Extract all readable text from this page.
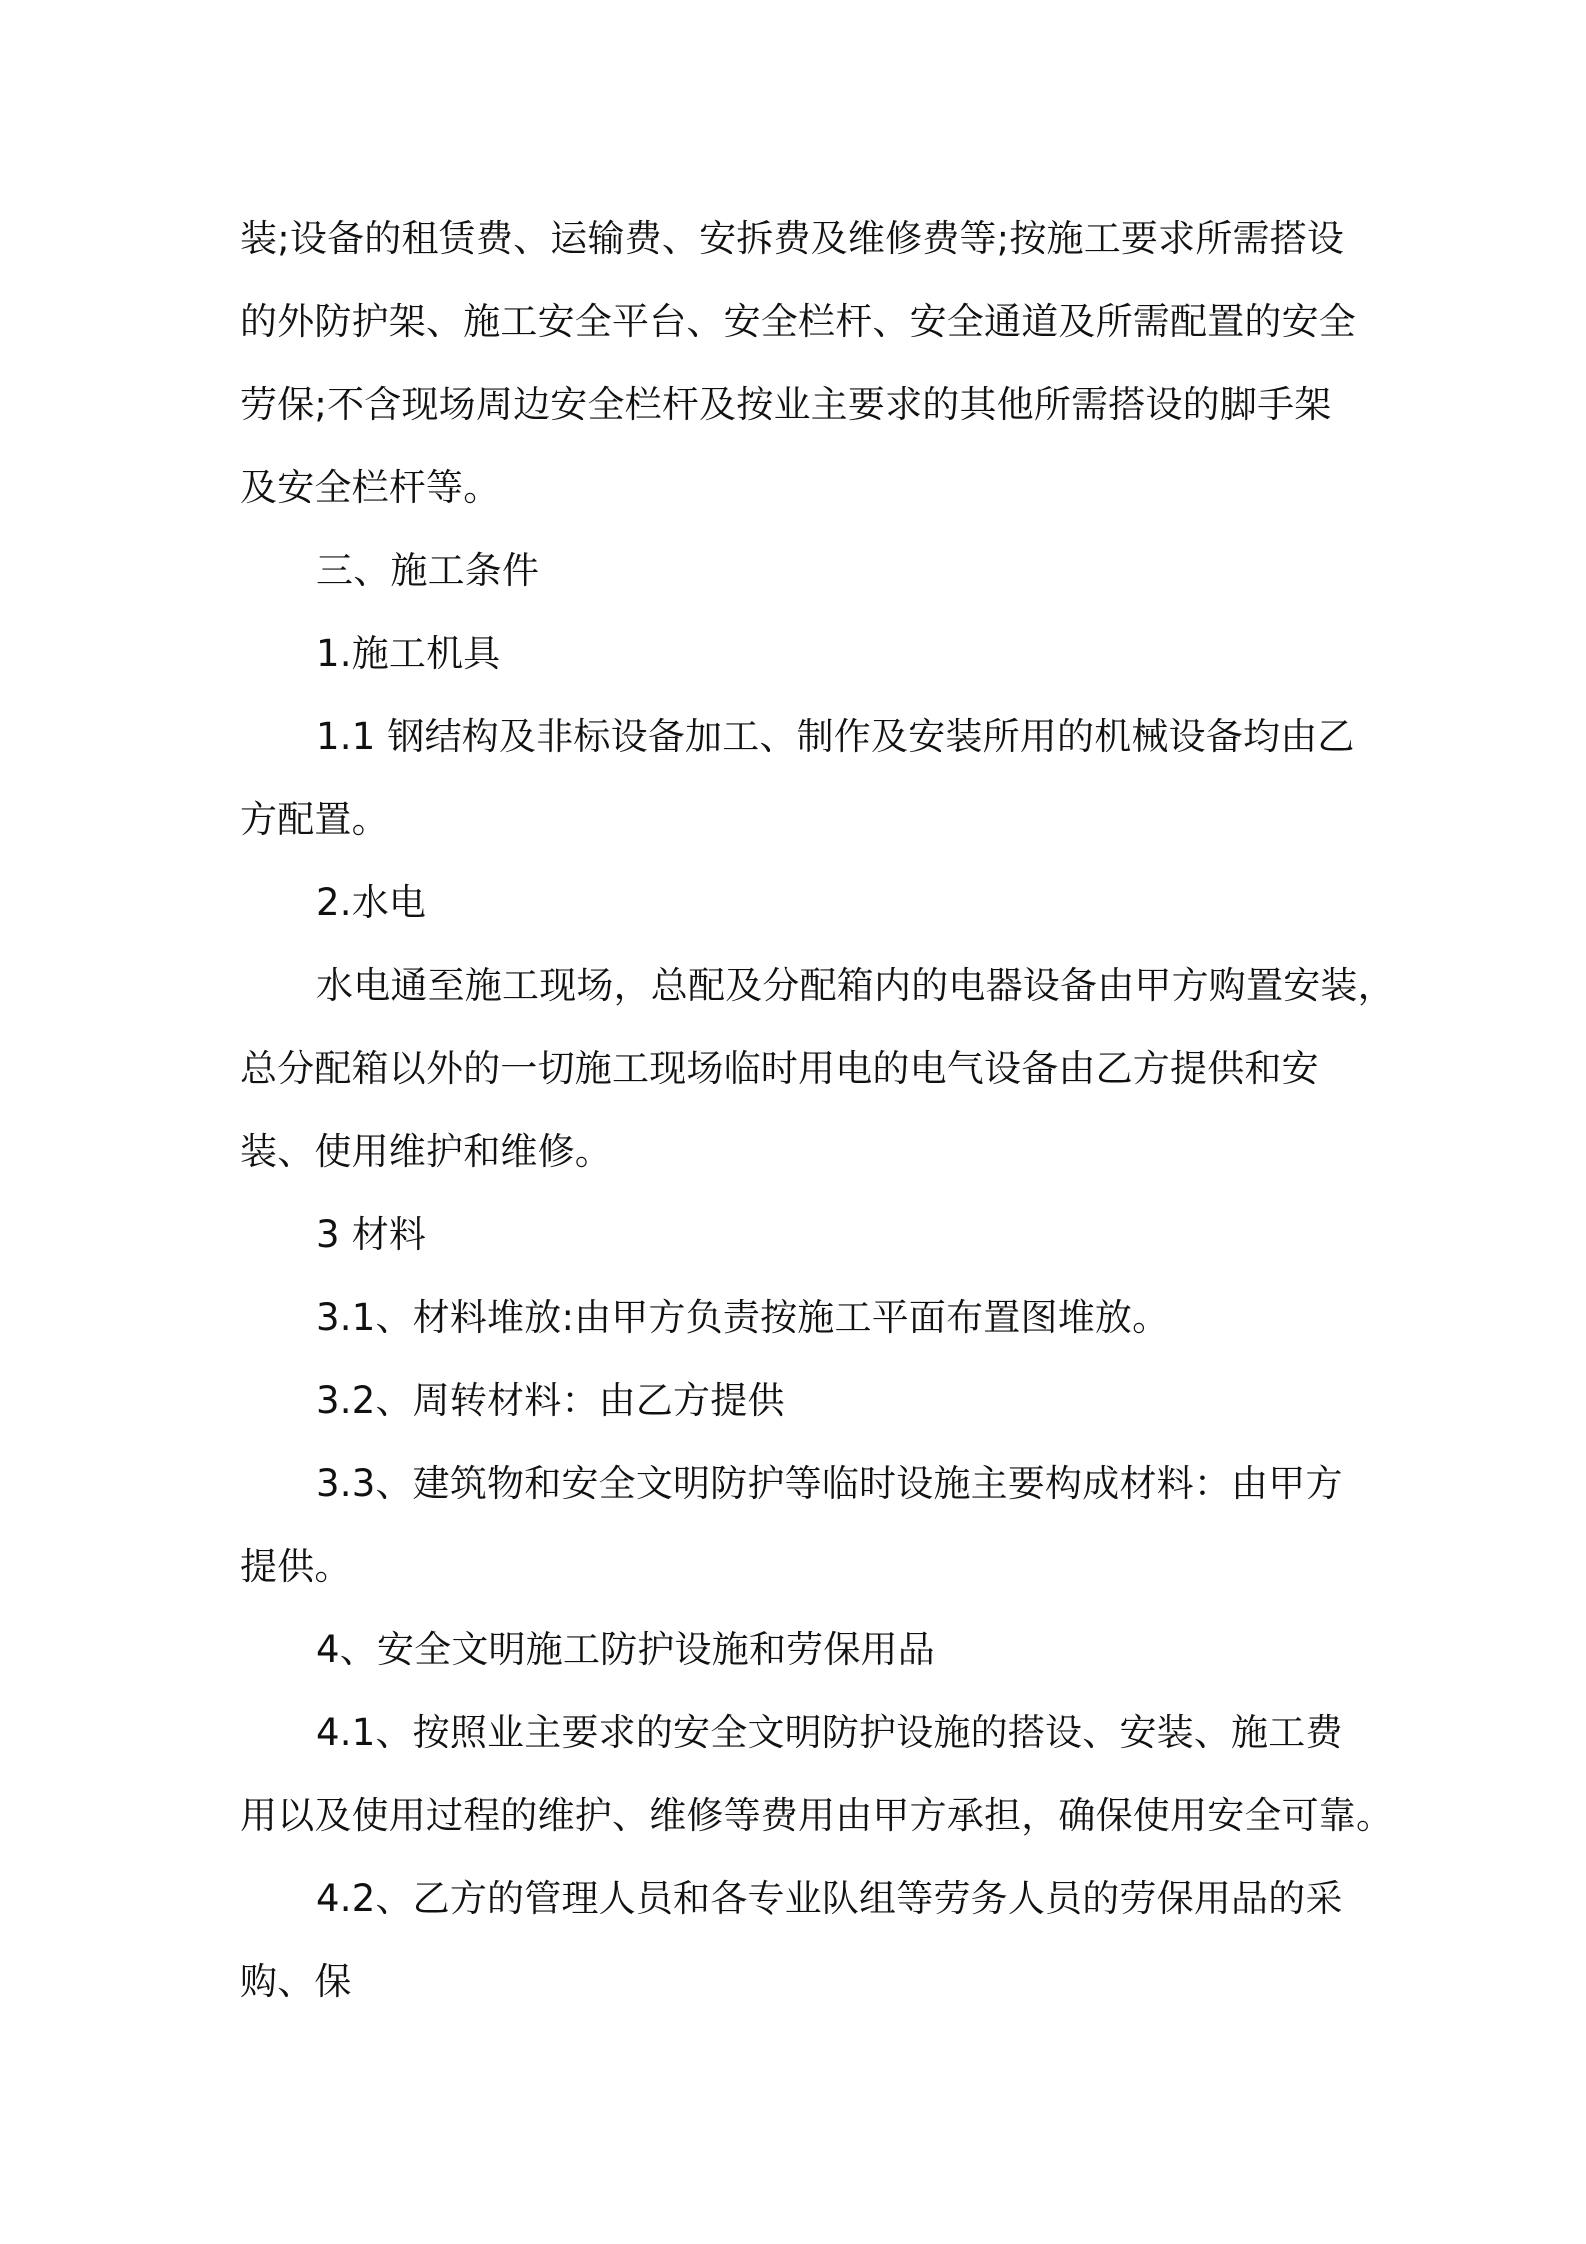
装;设备的租赁费、运输费、安拆费及维修费等;按施工要求所需搭设
的外防护架、施工安全平台、安全栏杆、安全通道及所需配置的安全
劳保;不含现场周边安全栏杆及按业主要求的其他所需搭设的脚手架
及安全栏杆等。
三、施工条件
1.施工机具
1.1 钢结构及非标设备加工、制作及安装所用的机械设备均由乙
方配置。
2.水电
水电通至施工现场，总配及分配箱内的电器设备由甲方购置安装，
总分配箱以外的一切施工现场临时用电的电气设备由乙方提供和安
装、使用维护和维修。
3 材料
3.1、材料堆放:由甲方负责按施工平面布置图堆放。
3.2、周转材料：由乙方提供
3.3、建筑物和安全文明防护等临时设施主要构成材料：由甲方
提供。
4、安全文明施工防护设施和劳保用品
4.1、按照业主要求的安全文明防护设施的搭设、安装、施工费
用以及使用过程的维护、维修等费用由甲方承担，确保使用安全可靠。
4.2、乙方的管理人员和各专业队组等劳务人员的劳保用品的采
购、保
